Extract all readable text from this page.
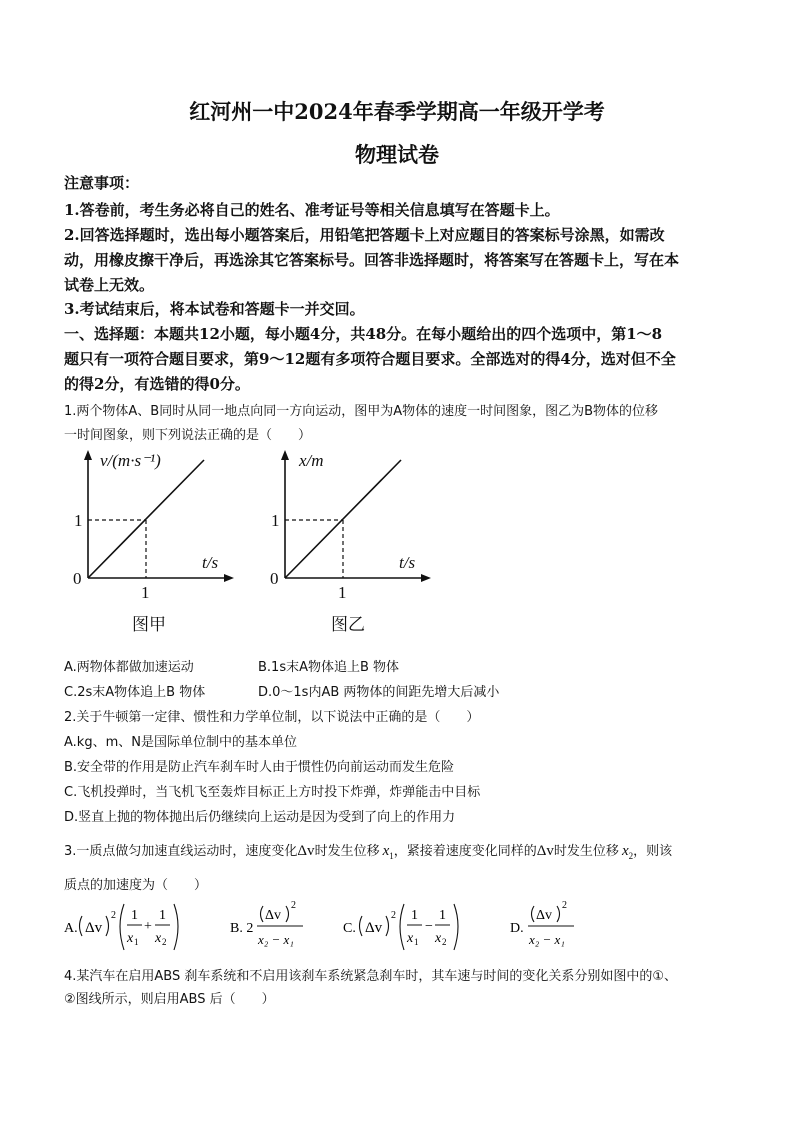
红河州一中2024年春季学期高一年级开学考
物理试卷
注意事项：
1.答卷前，考生务必将自己的姓名、准考证号等相关信息填写在答题卡上。
2.回答选择题时，选出每小题答案后，用铅笔把答题卡上对应题目的答案标号涂黑，如需改
动，用橡皮擦干净后，再选涂其它答案标号。回答非选择题时，将答案写在答题卡上，写在本
试卷上无效。
3.考试结束后，将本试卷和答题卡一并交回。
一、选择题：本题共12小题，每小题4分，共48分。在每小题给出的四个选项中，第1～8
题只有一项符合题目要求，第9～12题有多项符合题目要求。全部选对的得4分，选对但不全
的得2分，有选错的得0分。
1.两个物体A、B同时从同一地点向同一方向运动，图甲为A物体的速度一时间图象，图乙为B物体的位移
一时间图象，则下列说法正确的是（　　）
v/(m·s⁻¹)
t/s
0
1
1
图甲
x/m
t/s
0
1
1
图乙
A.两物体都做加速运动	B.1s末A物体追上B 物体
C.2s末A物体追上B 物体	D.0～1s内AB 两物体的间距先增大后减小
2.关于牛顿第一定律、惯性和力学单位制，以下说法中正确的是（　　）
A.kg、m、N是国际单位制中的基本单位
B.安全带的作用是防止汽车刹车时人由于惯性仍向前运动而发生危险
C.飞机投弹时，当飞机飞至轰炸目标正上方时投下炸弹，炸弹能击中目标
D.竖直上抛的物体抛出后仍继续向上运动是因为受到了向上的作用力
3.一质点做匀加速直线运动时，速度变化Δv时发生位移 $x_1$，紧接着速度变化同样的Δv时发生位移 $x_2$，则该
质点的加速度为（　　）
A. Δv
2 1
x 1
+
1
x 2
B. 2
Δv
2
x₂ − x₁
C. Δv
2 1
x 1
−
1
x 2
D.
Δv
2
x₂ − x₁
4.某汽车在启用ABS 刹车系统和不启用该刹车系统紧急刹车时，其车速与时间的变化关系分别如图中的①、
②图线所示，则启用ABS 后（　　）
